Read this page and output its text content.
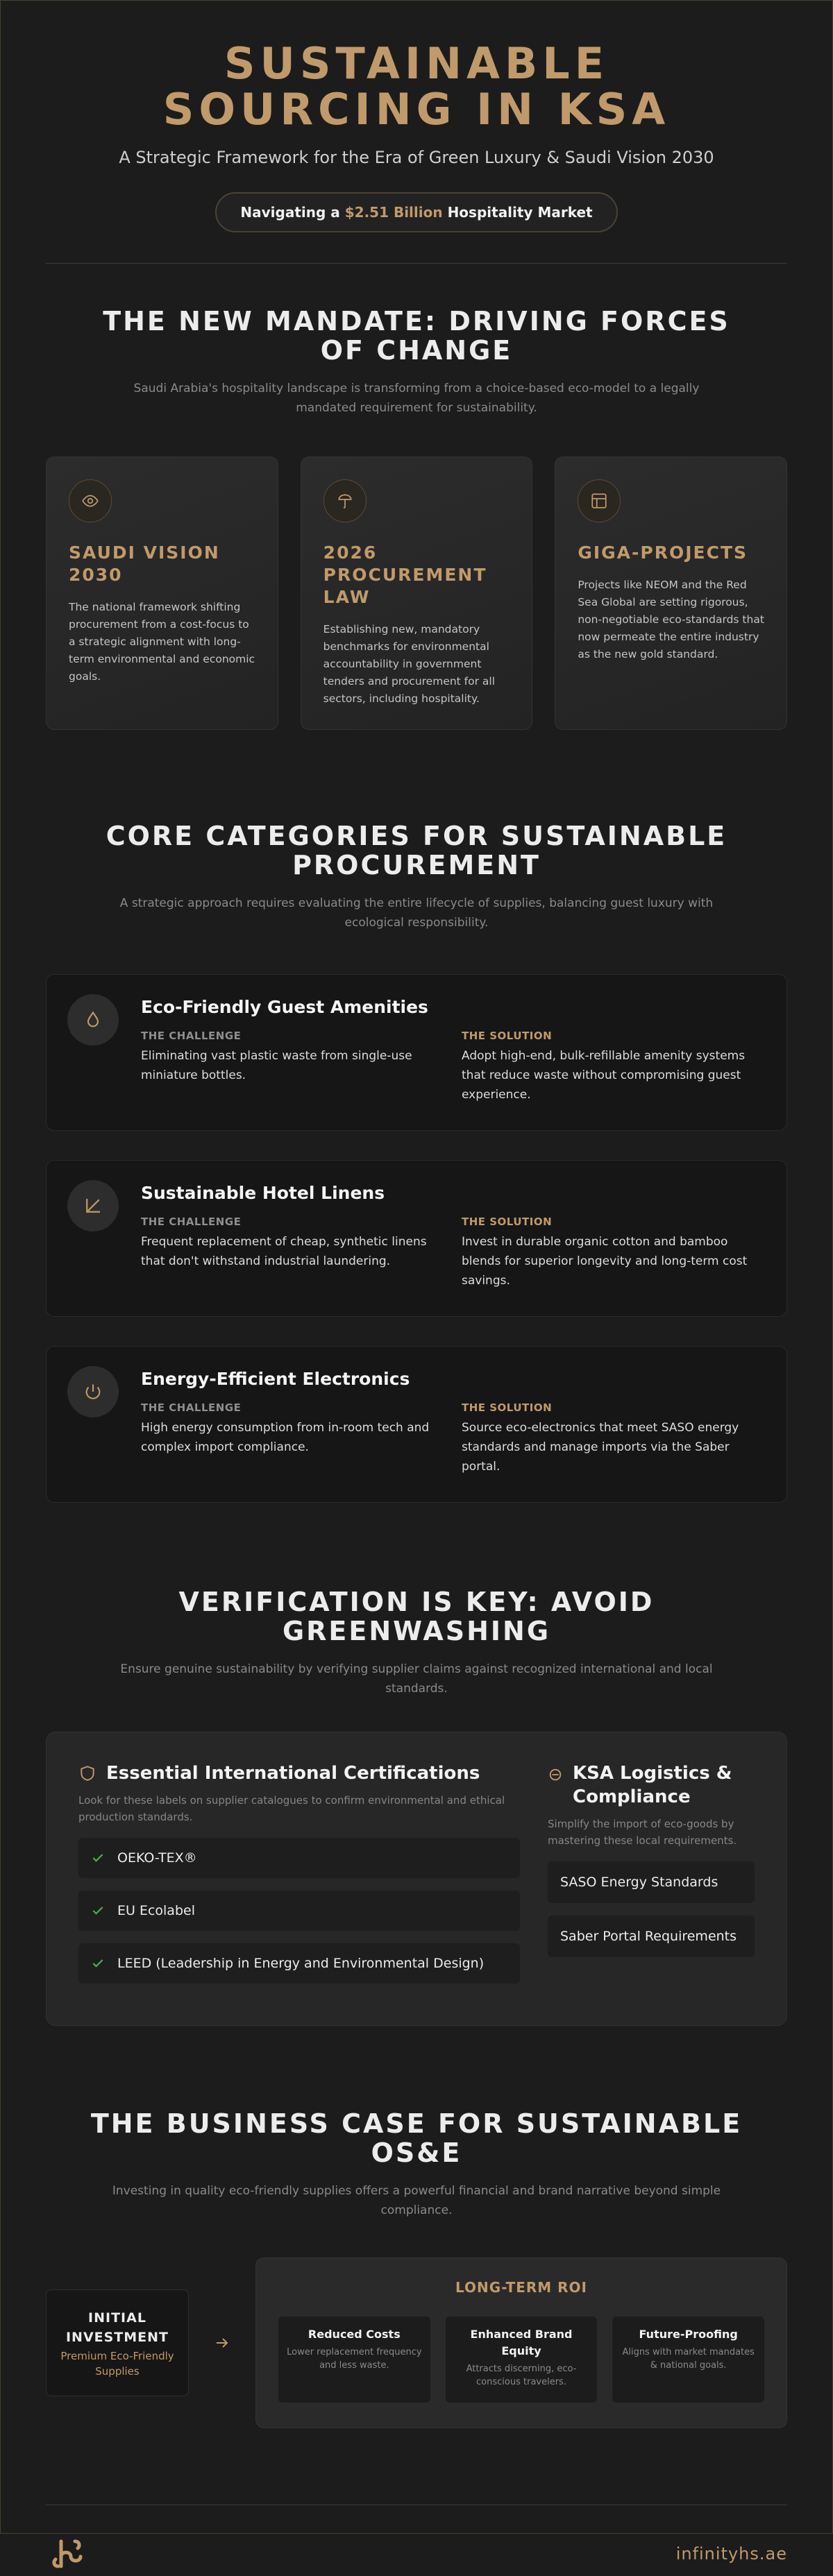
SUSTAINABLE SOURCING IN KSA
A Strategic Framework for the Era of Green Luxury & Saudi Vision 2030
Navigating a $2.51 Billion Hospitality Market
THE NEW MANDATE: DRIVING FORCES OF CHANGE

Saudi Arabia's hospitality landscape is transforming from a choice-based eco-model to a legally mandated requirement for sustainability.

SAUDI VISION 2030

The national framework shifting procurement from a cost-focus to a strategic alignment with long-term environmental and economic goals.

2026 PROCUREMENT LAW

Establishing new, mandatory benchmarks for environmental accountability in government tenders and procurement for all sectors, including hospitality.

GIGA-PROJECTS

Projects like NEOM and the Red Sea Global are setting rigorous, non-negotiable eco-standards that now permeate the entire industry as the new gold standard.

CORE CATEGORIES FOR SUSTAINABLE PROCUREMENT

A strategic approach requires evaluating the entire lifecycle of supplies, balancing guest luxury with ecological responsibility.

Eco-Friendly Guest Amenities
THE CHALLENGE

Eliminating vast plastic waste from single-use miniature bottles.

THE SOLUTION

Adopt high-end, bulk-refillable amenity systems that reduce waste without compromising guest experience.

Sustainable Hotel Linens
THE CHALLENGE

Frequent replacement of cheap, synthetic linens that don't withstand industrial laundering.

THE SOLUTION

Invest in durable organic cotton and bamboo blends for superior longevity and long-term cost savings.

Energy-Efficient Electronics
THE CHALLENGE

High energy consumption from in-room tech and complex import compliance.

THE SOLUTION

Source eco-electronics that meet SASO energy standards and manage imports via the Saber portal.

VERIFICATION IS KEY: AVOID GREENWASHING

Ensure genuine sustainability by verifying supplier claims against recognized international and local standards.

Essential International Certifications

Look for these labels on supplier catalogues to confirm environmental and ethical production standards.

OEKO-TEX®
EU Ecolabel
LEED (Leadership in Energy and Environmental Design)
KSA Logistics & Compliance

Simplify the import of eco-goods by mastering these local requirements.

SASO Energy Standards
Saber Portal Requirements
THE BUSINESS CASE FOR SUSTAINABLE OS&E

Investing in quality eco-friendly supplies offers a powerful financial and brand narrative beyond simple compliance.

INITIAL INVESTMENT
Premium Eco-Friendly Supplies
LONG-TERM ROI
Reduced Costs
Lower replacement frequency and less waste.
Enhanced Brand Equity
Attracts discerning, eco-conscious travelers.
Future-Proofing
Aligns with market mandates & national goals.
infinityhs.ae
